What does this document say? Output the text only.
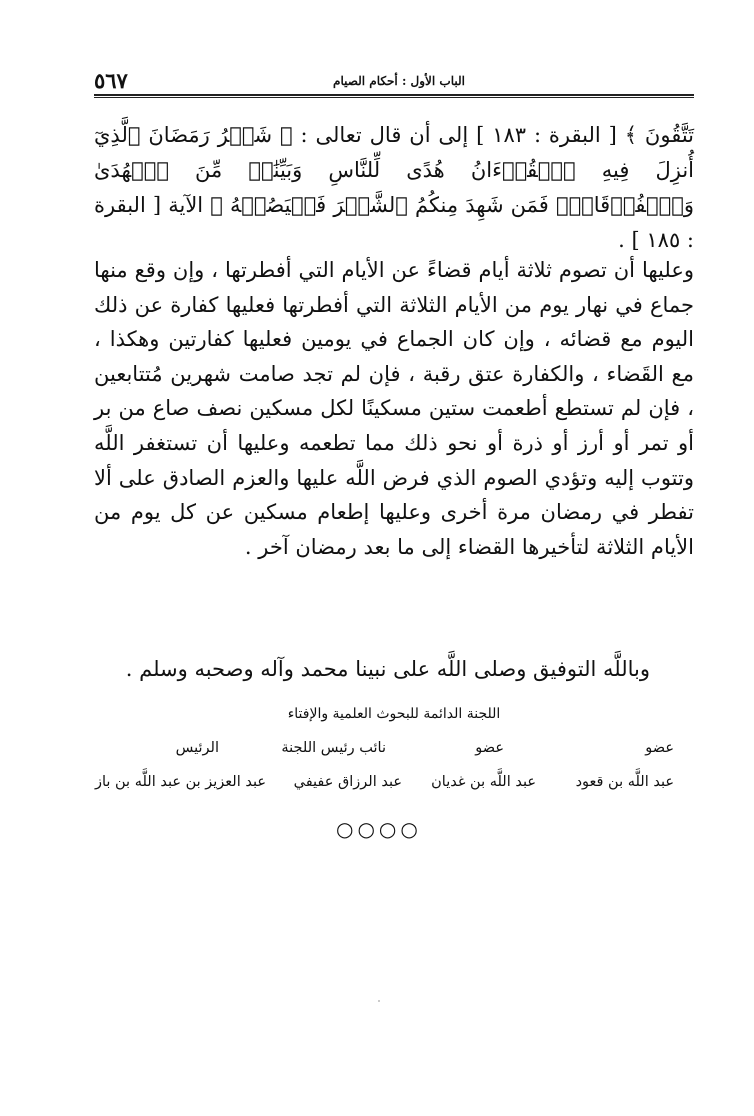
٥٦٧	الباب الأول : أحكام الصيام
تَتَّقُونَ ﴾ [ البقرة : ١٨٣ ] إلى أن قال تعالى : ﴿ شَهۡرُ رَمَضَانَ ٱلَّذِيٓ أُنزِلَ فِيهِ ٱلۡقُرۡءَانُ هُدًى لِّلنَّاسِ وَبَيِّنَٰتٖ مِّنَ ٱلۡهُدَىٰ وَٱلۡفُرۡقَانِۚ فَمَن شَهِدَ مِنكُمُ ٱلشَّهۡرَ فَلۡيَصُمۡهُ ﴾ الآية [ البقرة : ١٨٥ ] .
وعليها أن تصوم ثلاثة أيام قضاءً عن الأيام التي أفطرتها ، وإن وقع منها جماع في نهار يوم من الأيام الثلاثة التي أفطرتها فعليها كفارة عن ذلك اليوم مع قضائه ، وإن كان الجماع في يومين فعليها كفارتين وهكذا ، مع القَضاء ، والكفارة عتق رقبة ، فإن لم تجد صامت شهرين مُتتابعين ، فإن لم تستطع أطعمت ستين مسكينًا لكل مسكين نصف صاع من بر أو تمر أو أرز أو ذرة أو نحو ذلك مما تطعمه وعليها أن تستغفر اللَّه وتتوب إليه وتؤدي الصوم الذي فرض اللَّه عليها والعزم الصادق على ألا تفطر في رمضان مرة أخرى وعليها إطعام مسكين عن كل يوم من الأيام الثلاثة لتأخيرها القضاء إلى ما بعد رمضان آخر .
وباللَّه التوفيق وصلى اللَّه على نبينا محمد وآله وصحبه وسلم .
اللجنة الدائمة للبحوث العلمية والإفتاء
عضو
عضو
نائب رئيس اللجنة
الرئيس
عبد اللَّه بن قعود
عبد اللَّه بن غديان
عبد الرزاق عفيفي
عبد العزيز بن عبد اللَّه بن باز
○○○○
